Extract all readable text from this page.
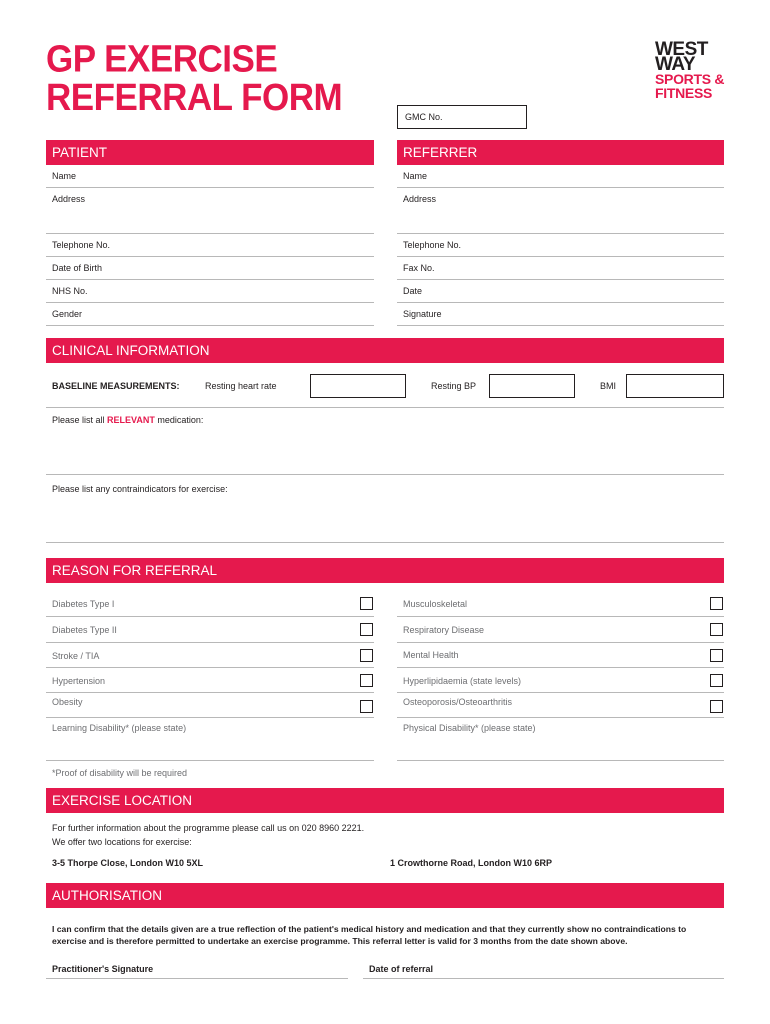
GP EXERCISE
REFERRAL FORM
WEST
WAY
SPORTS &
FITNESS
GMC No.
PATIENT	REFERRER
Name
Address
Telephone No.
Date of Birth
NHS No.
Gender
Name
Address
Telephone No.
Fax No.
Date
Signature
CLINICAL INFORMATION
BASELINE MEASUREMENTS:	Resting heart rate	Resting BP	BMI
Please list all RELEVANT medication:
Please list any contraindicators for exercise:
REASON FOR REFERRAL
Diabetes Type I
Diabetes Type II
Stroke / TIA
Hypertension
Obesity
Learning Disability* (please state)
*Proof of disability will be required
Musculoskeletal
Respiratory Disease
Mental Health
Hyperlipidaemia (state levels)
Osteoporosis/Osteoarthritis
Physical Disability* (please state)
EXERCISE LOCATION
For further information about the programme please call us on 020 8960 2221.
We offer two locations for exercise:
3-5 Thorpe Close, London W10 5XL	1 Crowthorne Road, London W10 6RP
AUTHORISATION
I can confirm that the details given are a true reflection of the patient's medical history and medication and that they currently show no contraindications to
exercise and is therefore permitted to undertake an exercise programme. This referral letter is valid for 3 months from the date shown above.
Practitioner's Signature	Date of referral
